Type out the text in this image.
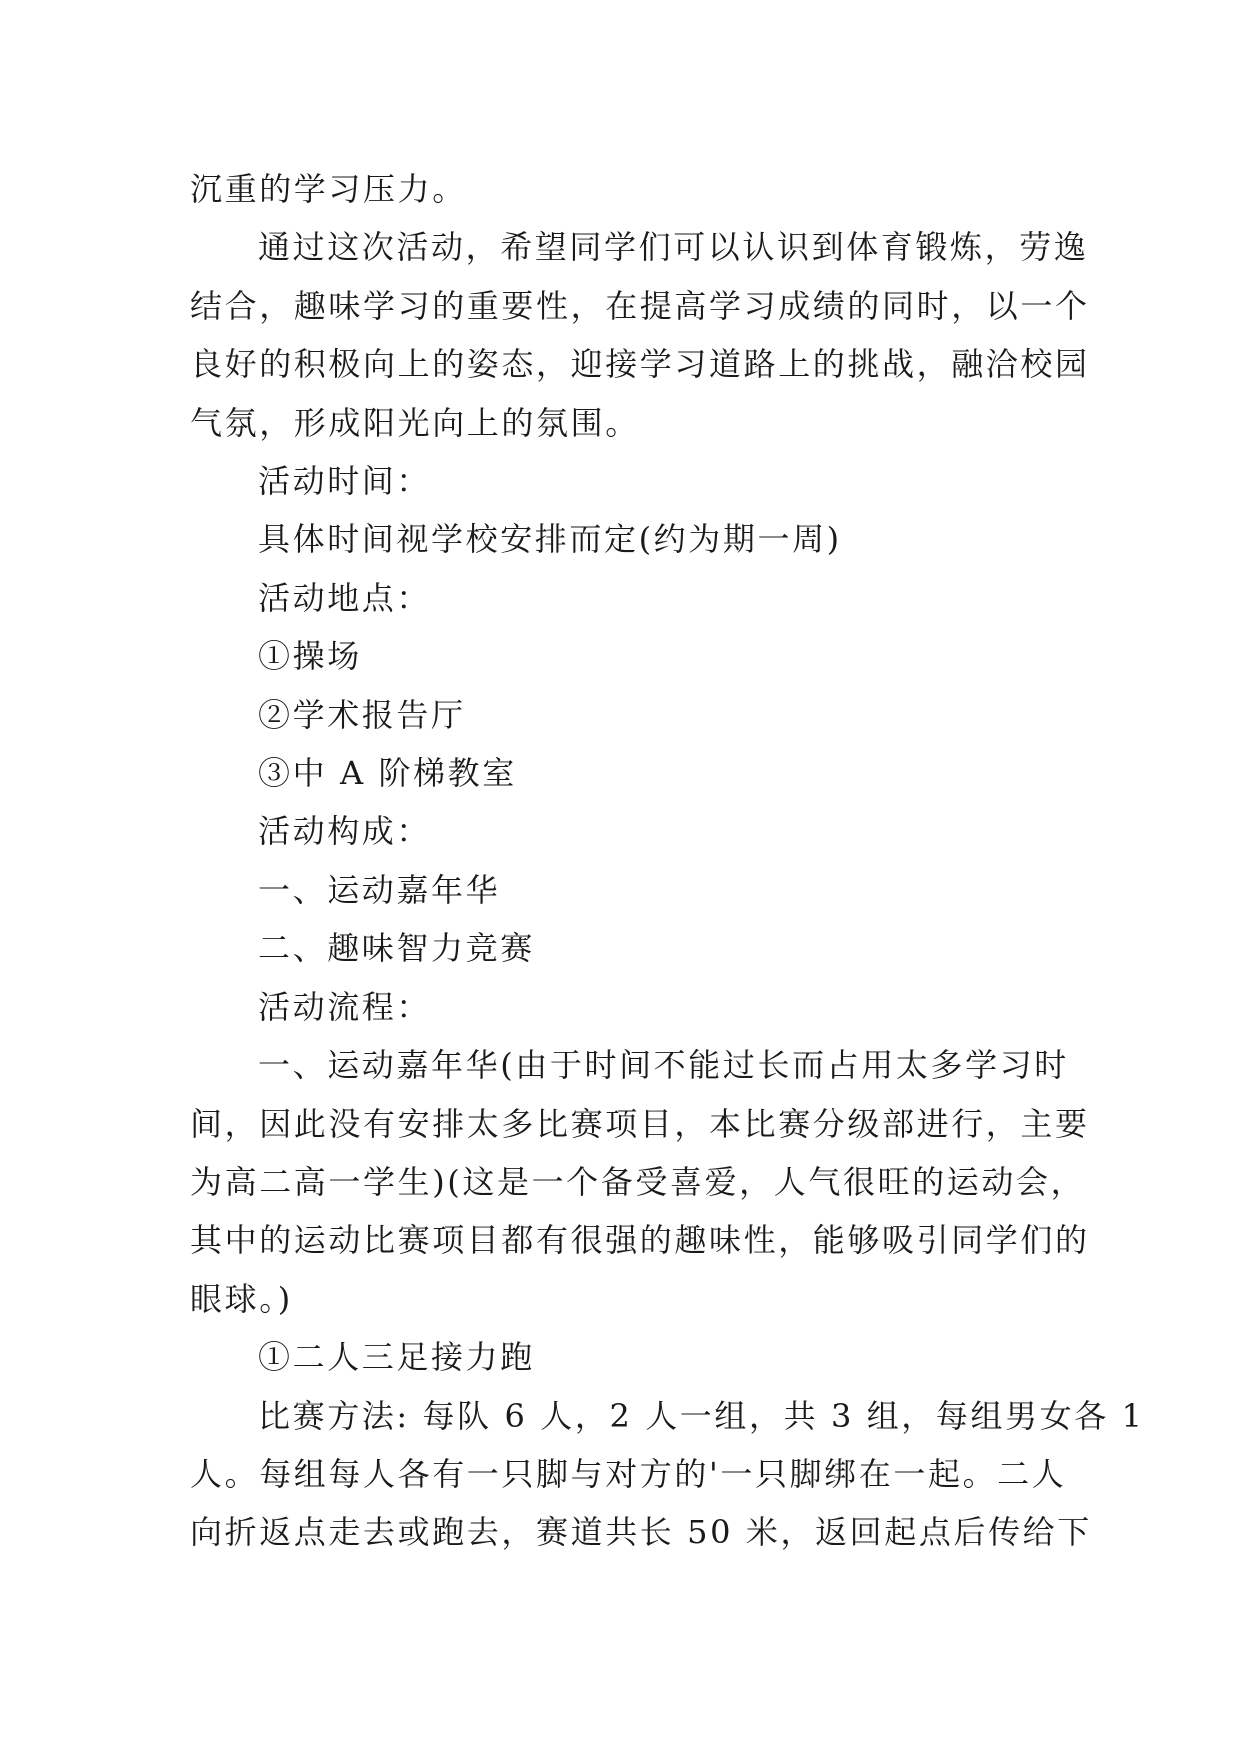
沉重的学习压力。

通过这次活动，希望同学们可以认识到体育锻炼，劳逸

结合，趣味学习的重要性，在提高学习成绩的同时，以一个

良好的积极向上的姿态，迎接学习道路上的挑战，融洽校园

气氛，形成阳光向上的氛围。

活动时间：

具体时间视学校安排而定(约为期一周)

活动地点：

①操场

②学术报告厅

③中 A 阶梯教室

活动构成：

一、运动嘉年华

二、趣味智力竞赛

活动流程：

一、运动嘉年华(由于时间不能过长而占用太多学习时

间，因此没有安排太多比赛项目，本比赛分级部进行，主要

为高二高一学生)(这是一个备受喜爱，人气很旺的运动会，

其中的运动比赛项目都有很强的趣味性，能够吸引同学们的

眼球。)

①二人三足接力跑

比赛方法: 每队 6 人，2 人一组，共 3 组，每组男女各 1

人。每组每人各有一只脚与对方的'一只脚绑在一起。二人

向折返点走去或跑去，赛道共长 50 米，返回起点后传给下
